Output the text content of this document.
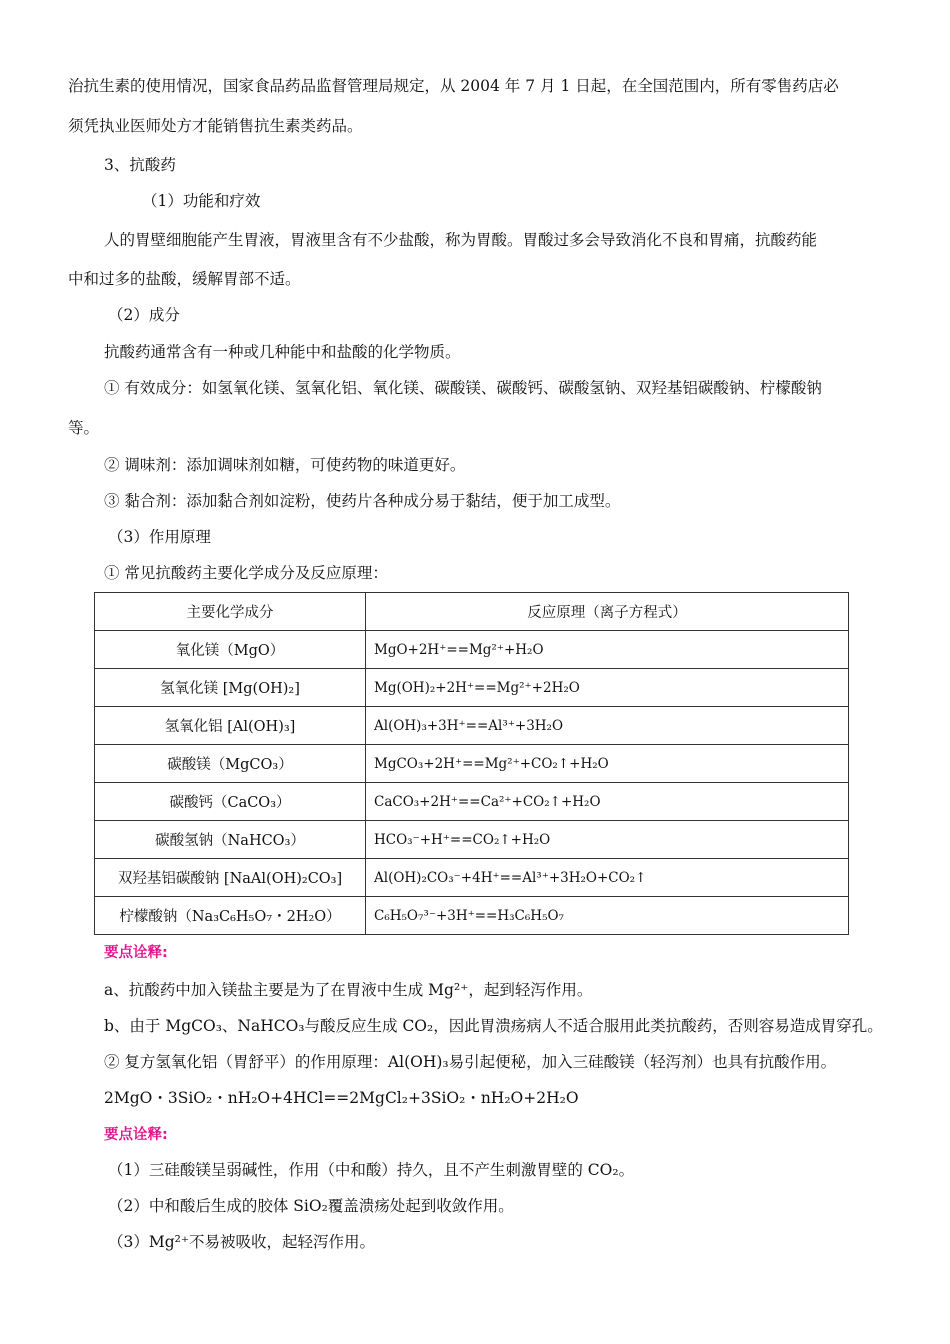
治抗生素的使用情况，国家食品药品监督管理局规定，从 2004 年 7 月 1 日起，在全国范围内，所有零售药店必
须凭执业医师处方才能销售抗生素类药品。
3、抗酸药
（1）功能和疗效
人的胃壁细胞能产生胃液，胃液里含有不少盐酸，称为胃酸。胃酸过多会导致消化不良和胃痛，抗酸药能
中和过多的盐酸，缓解胃部不适。
（2）成分
抗酸药通常含有一种或几种能中和盐酸的化学物质。
① 有效成分：如氢氧化镁、氢氧化铝、氧化镁、碳酸镁、碳酸钙、碳酸氢钠、双羟基铝碳酸钠、柠檬酸钠
等。
② 调味剂：添加调味剂如糖，可使药物的味道更好。
③ 黏合剂：添加黏合剂如淀粉，使药片各种成分易于黏结，便于加工成型。
（3）作用原理
① 常见抗酸药主要化学成分及反应原理：
主要化学成分	反应原理（离子方程式）
氧化镁（MgO）	MgO+2H⁺==Mg²⁺+H₂O
氢氧化镁 [Mg(OH)₂]	Mg(OH)₂+2H⁺==Mg²⁺+2H₂O
氢氧化铝 [Al(OH)₃]	Al(OH)₃+3H⁺==Al³⁺+3H₂O
碳酸镁（MgCO₃）	MgCO₃+2H⁺==Mg²⁺+CO₂↑+H₂O
碳酸钙（CaCO₃）	CaCO₃+2H⁺==Ca²⁺+CO₂↑+H₂O
碳酸氢钠（NaHCO₃）	HCO₃⁻+H⁺==CO₂↑+H₂O
双羟基铝碳酸钠 [NaAl(OH)₂CO₃]	Al(OH)₂CO₃⁻+4H⁺==Al³⁺+3H₂O+CO₂↑
柠檬酸钠（Na₃C₆H₅O₇・2H₂O）	C₆H₅O₇³⁻+3H⁺==H₃C₆H₅O₇
要点诠释:
a、抗酸药中加入镁盐主要是为了在胃液中生成 Mg²⁺，起到轻泻作用。
b、由于 MgCO₃、NaHCO₃与酸反应生成 CO₂，因此胃溃疡病人不适合服用此类抗酸药，否则容易造成胃穿孔。
② 复方氢氧化铝（胃舒平）的作用原理：Al(OH)₃易引起便秘，加入三硅酸镁（轻泻剂）也具有抗酸作用。
2MgO・3SiO₂・nH₂O+4HCl==2MgCl₂+3SiO₂・nH₂O+2H₂O
要点诠释:
（1）三硅酸镁呈弱碱性，作用（中和酸）持久，且不产生刺激胃壁的 CO₂。
（2）中和酸后生成的胶体 SiO₂覆盖溃疡处起到收敛作用。
（3）Mg²⁺不易被吸收，起轻泻作用。
